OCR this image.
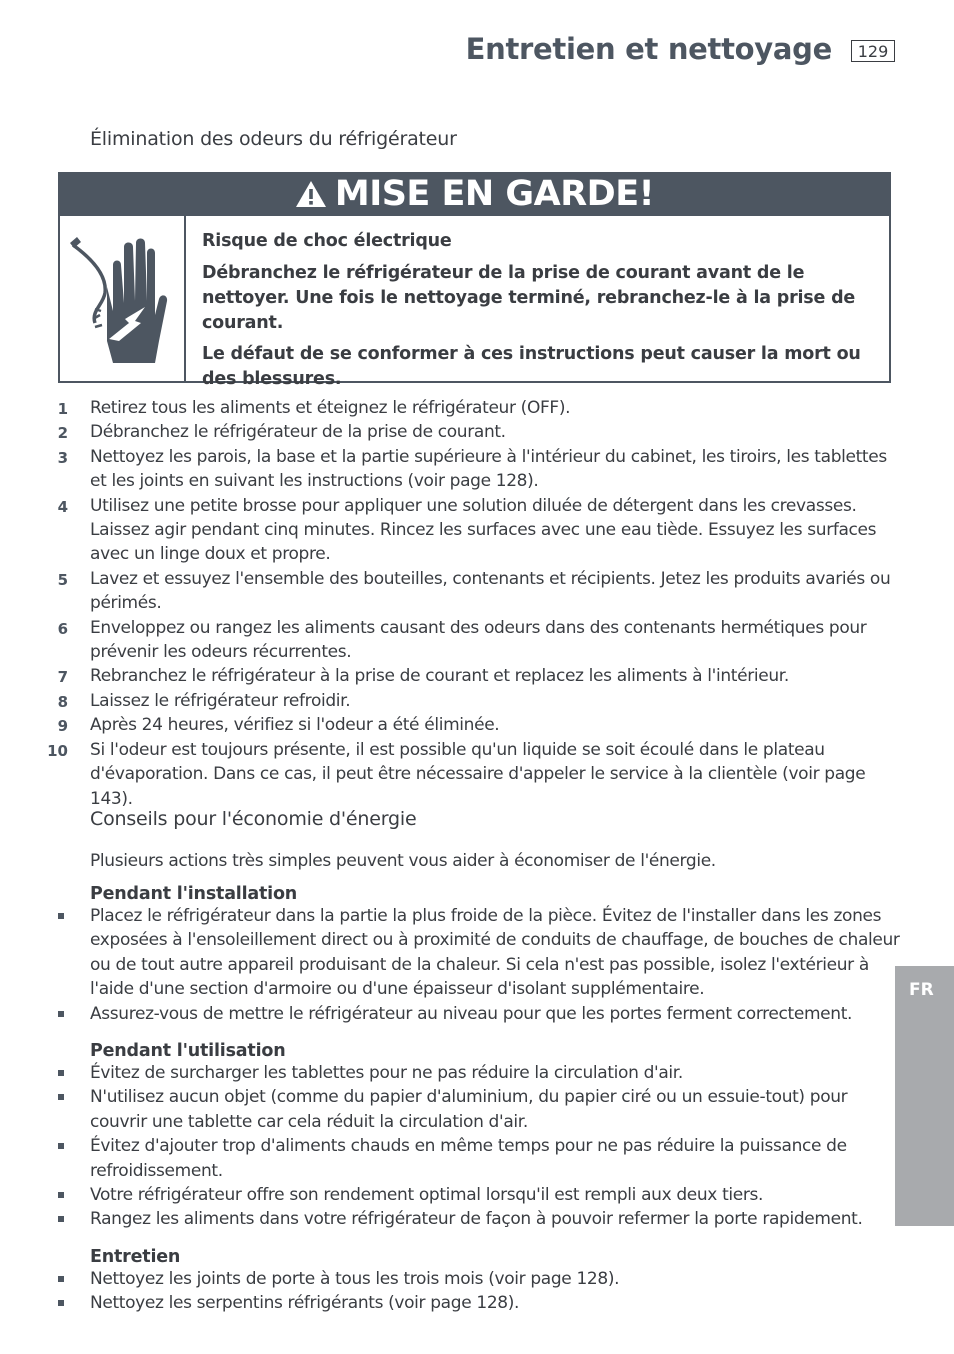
Entretien et nettoyage	129
Élimination des odeurs du réfrigérateur
MISE EN GARDE!

Risque de choc électrique

Débranchez le réfrigérateur de la prise de courant avant de le nettoyer. Une fois le nettoyage terminé, rebranchez-le à la prise de courant.

Le défaut de se conformer à ces instructions peut causer la mort ou des blessures.

1 Retirez tous les aliments et éteignez le réfrigérateur (OFF).
2 Débranchez le réfrigérateur de la prise de courant.
3 Nettoyez les parois, la base et la partie supérieure à l'intérieur du cabinet, les tiroirs, les tablettes et les joints en suivant les instructions (voir page 128).
4 Utilisez une petite brosse pour appliquer une solution diluée de détergent dans les crevasses. Laissez agir pendant cinq minutes. Rincez les surfaces avec une eau tiède. Essuyez les surfaces avec un linge doux et propre.
5 Lavez et essuyez l'ensemble des bouteilles, contenants et récipients. Jetez les produits avariés ou périmés.
6 Enveloppez ou rangez les aliments causant des odeurs dans des contenants hermétiques pour prévenir les odeurs récurrentes.
7 Rebranchez le réfrigérateur à la prise de courant et replacez les aliments à l'intérieur.
8 Laissez le réfrigérateur refroidir.
9 Après 24 heures, vérifiez si l'odeur a été éliminée.
10 Si l'odeur est toujours présente, il est possible qu'un liquide se soit écoulé dans le plateau d'évaporation. Dans ce cas, il peut être nécessaire d'appeler le service à la clientèle (voir page 143).
Conseils pour l'économie d'énergie
Plusieurs actions très simples peuvent vous aider à économiser de l'énergie.
Pendant l'installation
Placez le réfrigérateur dans la partie la plus froide de la pièce. Évitez de l'installer dans les zones exposées à l'ensoleillement direct ou à proximité de conduits de chauffage, de bouches de chaleur ou de tout autre appareil produisant de la chaleur. Si cela n'est pas possible, isolez l'extérieur à l'aide d'une section d'armoire ou d'une épaisseur d'isolant supplémentaire.
Assurez-vous de mettre le réfrigérateur au niveau pour que les portes ferment correctement.
Pendant l'utilisation
Évitez de surcharger les tablettes pour ne pas réduire la circulation d'air.
N'utilisez aucun objet (comme du papier d'aluminium, du papier ciré ou un essuie-tout) pour couvrir une tablette car cela réduit la circulation d'air.
Évitez d'ajouter trop d'aliments chauds en même temps pour ne pas réduire la puissance de refroidissement.
Votre réfrigérateur offre son rendement optimal lorsqu'il est rempli aux deux tiers.
Rangez les aliments dans votre réfrigérateur de façon à pouvoir refermer la porte rapidement.
Entretien
Nettoyez les joints de porte à tous les trois mois (voir page 128).
Nettoyez les serpentins réfrigérants (voir page 128).
FR
